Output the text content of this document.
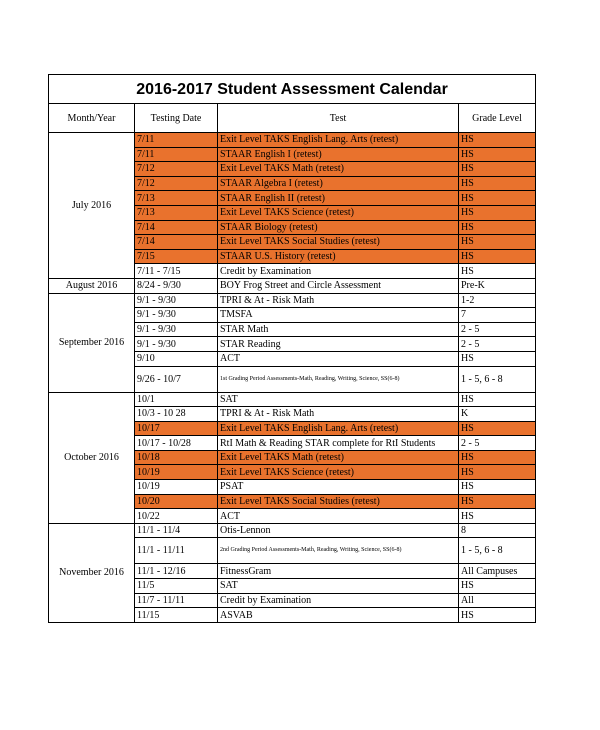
2016-2017 Student Assessment Calendar			
Month/Year	Testing Date	Test	Grade Level
July 2016	7/11	Exit Level TAKS English Lang. Arts (retest)	HS
	7/11	STAAR English I (retest)	HS
	7/12	Exit Level TAKS Math (retest)	HS
	7/12	STAAR Algebra I (retest)	HS
	7/13	STAAR English II (retest)	HS
	7/13	Exit Level TAKS Science (retest)	HS
	7/14	STAAR Biology (retest)	HS
	7/14	Exit Level TAKS Social Studies (retest)	HS
	7/15	STAAR U.S. History (retest)	HS
	7/11 - 7/15	Credit by Examination	HS
August 2016	8/24 - 9/30	BOY Frog Street and Circle Assessment	Pre-K
September 2016	9/1 - 9/30	TPRI & At - Risk Math	1-2
	9/1 - 9/30	TMSFA	7
	9/1 - 9/30	STAR Math	2 - 5
	9/1 - 9/30	STAR Reading	2 - 5
	9/10	ACT	HS
	9/26 - 10/7	1st Grading Period Assessments-Math, Reading, Writing, Science, SS(6-8)	1 - 5, 6 - 8
October 2016	10/1	SAT	HS
	10/3 - 10 28	TPRI & At - Risk Math	K
	10/17	Exit Level TAKS English Lang. Arts (retest)	HS
	10/17 - 10/28	RtI Math & Reading STAR complete for RtI Students	2 - 5
	10/18	Exit Level TAKS Math (retest)	HS
	10/19	Exit Level TAKS Science (retest)	HS
	10/19	PSAT	HS
	10/20	Exit Level TAKS Social Studies (retest)	HS
	10/22	ACT	HS
November 2016	11/1 - 11/4	Otis-Lennon	8
	11/1 - 11/11	2nd Grading Period Assessments-Math, Reading, Writing, Science, SS(6-8)	1 - 5, 6 - 8
	11/1 - 12/16	FitnessGram	All Campuses
	11/5	SAT	HS
	11/7 - 11/11	Credit by Examination	All
	11/15	ASVAB	HS
